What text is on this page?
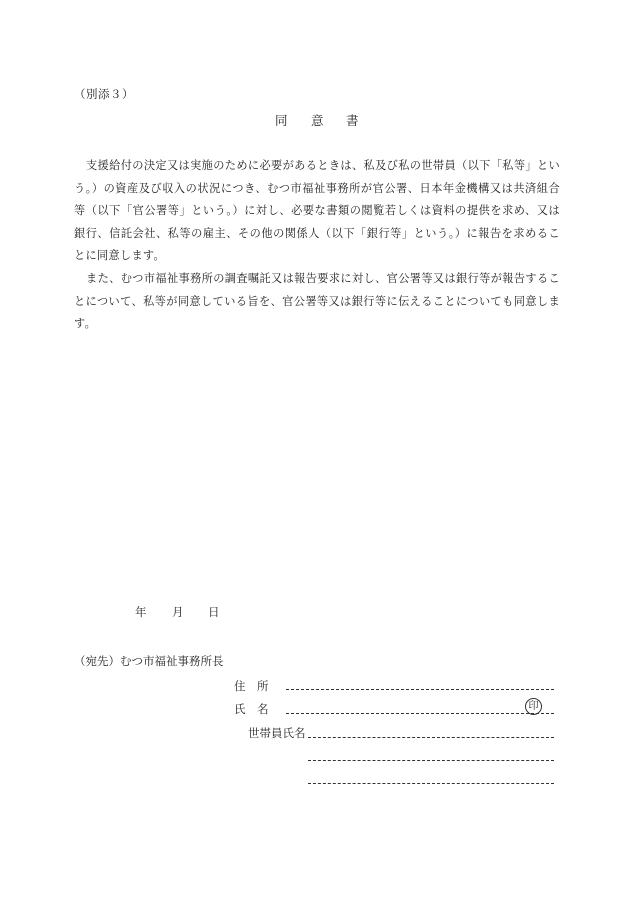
（別添３）
同 意 書

支援給付の決定又は実施のために必要があるときは、私及び私の世帯員（以下「私等」という。）の資産及び収入の状況につき、むつ市福祉事務所が官公署、日本年金機構又は共済組合等（以下「官公署等」という。）に対し、必要な書類の閲覧若しくは資料の提供を求め、又は銀行、信託会社、私等の雇主、その他の関係人（以下「銀行等」という。）に報告を求めることに同意します。

また、むつ市福祉事務所の調査嘱託又は報告要求に対し、官公署等又は銀行等が報告することについて、私等が同意している旨を、官公署等又は銀行等に伝えることについても同意します。

年 月 日
（宛先）むつ市福祉事務所長
住　所
氏　名	印
世帯員氏名
